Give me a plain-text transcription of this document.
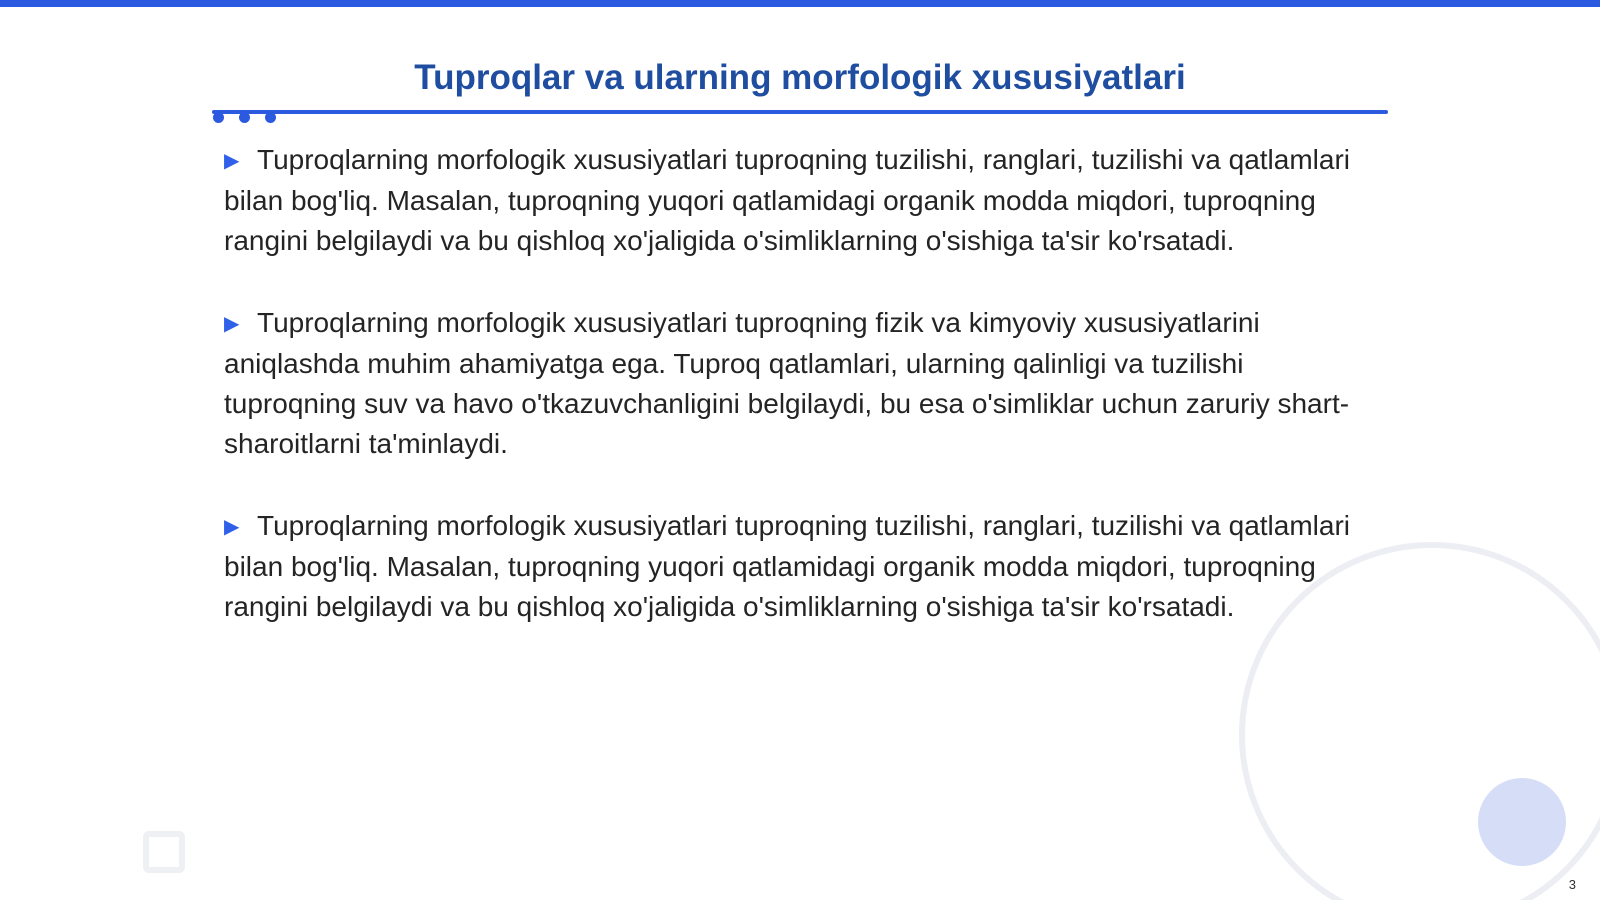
Tuproqlar va ularning morfologik xususiyatlari
▶ Tuproqlarning morfologik xususiyatlari tuproqning tuzilishi, ranglari, tuzilishi va qatlamlari bilan bog'liq. Masalan, tuproqning yuqori qatlamidagi organik modda miqdori, tuproqning rangini belgilaydi va bu qishloq xo'jaligida o'simliklarning o'sishiga ta'sir ko'rsatadi.
▶ Tuproqlarning morfologik xususiyatlari tuproqning fizik va kimyoviy xususiyatlarini aniqlashda muhim ahamiyatga ega. Tuproq qatlamlari, ularning qalinligi va tuzilishi tuproqning suv va havo o'tkazuvchanligini belgilaydi, bu esa o'simliklar uchun zaruriy shart-sharoitlarni ta'minlaydi.
▶ Tuproqlarning morfologik xususiyatlari tuproqning tuzilishi, ranglari, tuzilishi va qatlamlari bilan bog'liq. Masalan, tuproqning yuqori qatlamidagi organik modda miqdori, tuproqning rangini belgilaydi va bu qishloq xo'jaligida o'simliklarning o'sishiga ta'sir ko'rsatadi.
3
